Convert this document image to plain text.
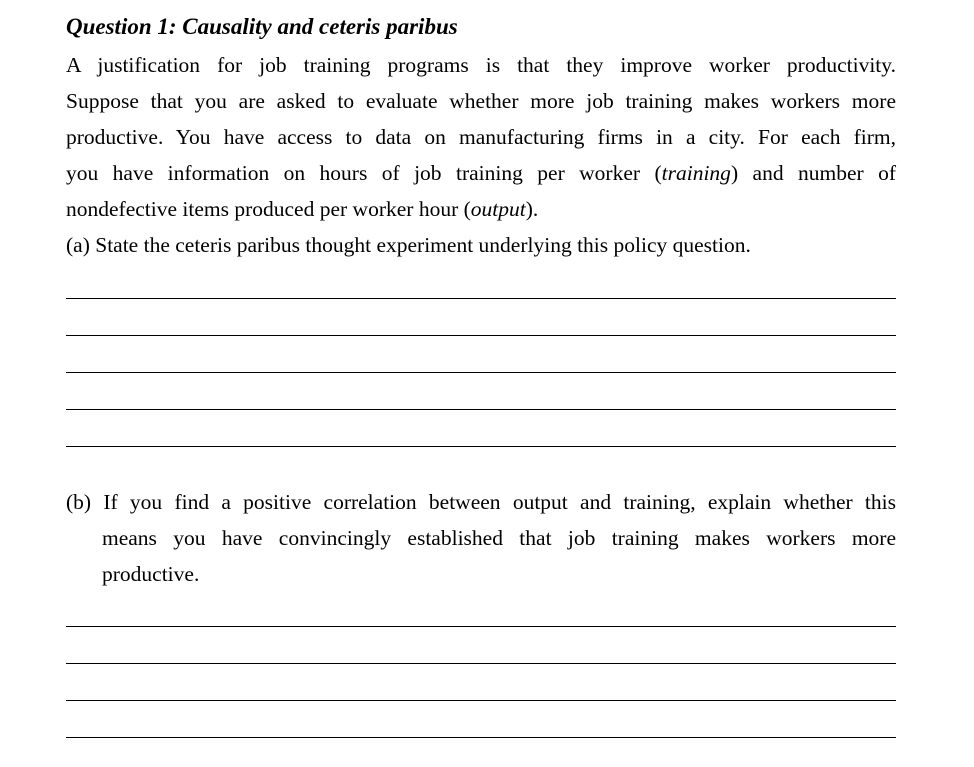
Question 1: Causality and ceteris paribus
A justification for job training programs is that they improve worker productivity.
Suppose that you are asked to evaluate whether more job training makes workers more
productive. You have access to data on manufacturing firms in a city. For each firm,
you have information on hours of job training per worker (training) and number of
nondefective items produced per worker hour (output).
(a) State the ceteris paribus thought experiment underlying this policy question.
(b) If you find a positive correlation between output and training, explain whether this
means you have convincingly established that job training makes workers more
productive.
